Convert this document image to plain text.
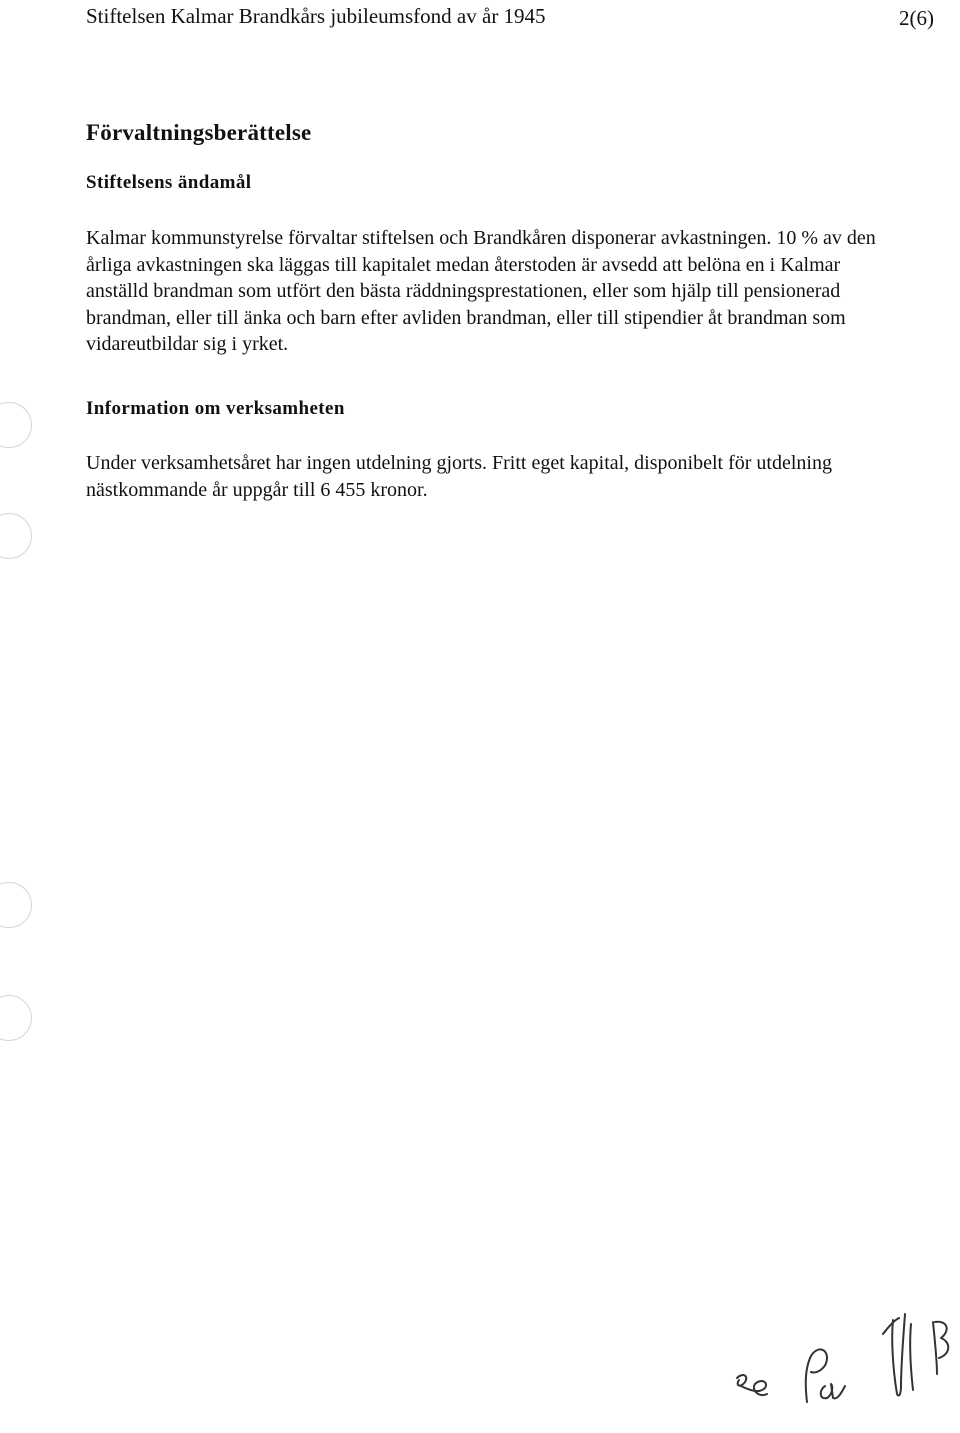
Stiftelsen Kalmar Brandkårs jubileumsfond av år 1945	2(6)
Förvaltningsberättelse
Stiftelsens ändamål
Kalmar kommunstyrelse förvaltar stiftelsen och Brandkåren disponerar avkastningen. 10 % av den
årliga avkastningen ska läggas till kapitalet medan återstoden är avsedd att belöna en i Kalmar
anställd brandman som utfört den bästa räddningsprestationen, eller som hjälp till pensionerad
brandman, eller till änka och barn efter avliden brandman, eller till stipendier åt brandman som
vidareutbildar sig i yrket.
Information om verksamheten
Under verksamhetsåret har ingen utdelning gjorts. Fritt eget kapital, disponibelt för utdelning
nästkommande år uppgår till 6 455 kronor.
